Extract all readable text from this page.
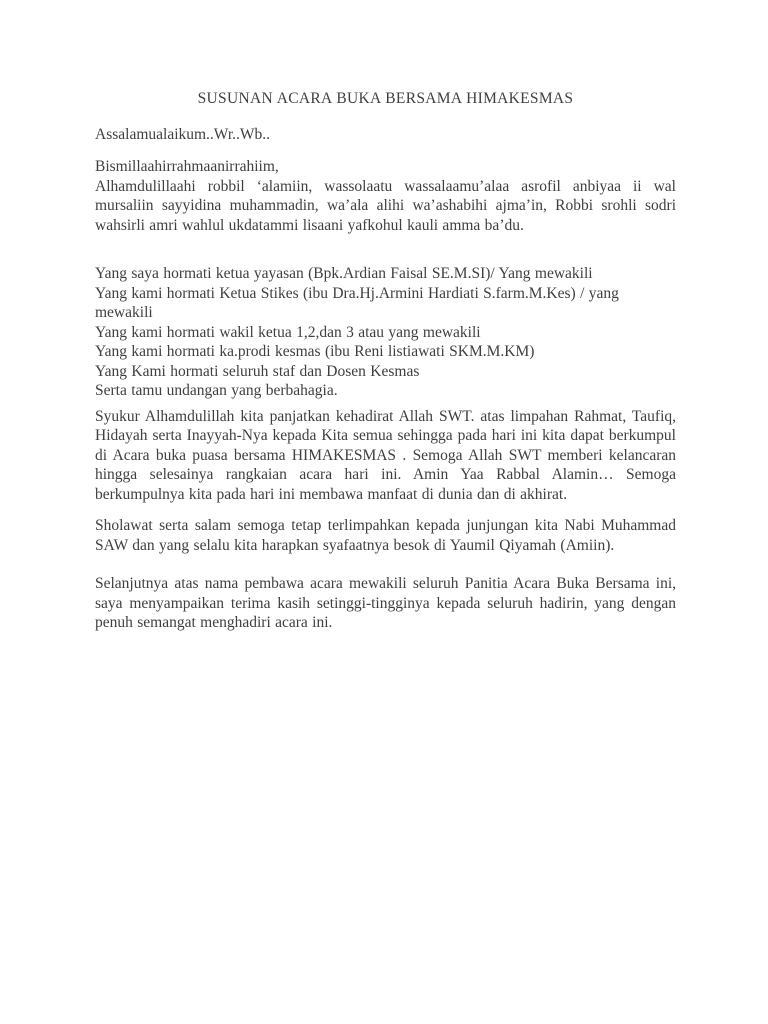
SUSUNAN ACARA BUKA BERSAMA HIMAKESMAS
Assalamualaikum..Wr..Wb..
Bismillaahirrahmaanirrahiim,
Alhamdulillaahi robbil ‘alamiin, wassolaatu wassalaamu’alaa asrofil anbiyaa ii wal mursaliin sayyidina muhammadin, wa’ala alihi wa’ashabihi ajma’in, Robbi srohli sodri wahsirli amri wahlul ukdatammi lisaani yafkohul kauli amma ba’du.
Yang saya hormati ketua yayasan (Bpk.Ardian Faisal SE.M.SI)/ Yang mewakili
Yang kami hormati Ketua Stikes (ibu Dra.Hj.Armini Hardiati S.farm.M.Kes) / yang mewakili
Yang kami hormati wakil ketua 1,2,dan 3 atau yang mewakili
Yang kami hormati ka.prodi kesmas (ibu Reni listiawati SKM.M.KM)
Yang Kami hormati seluruh staf dan Dosen Kesmas
Serta tamu undangan yang berbahagia.

Syukur Alhamdulillah kita panjatkan kehadirat Allah SWT. atas limpahan Rahmat, Taufiq, Hidayah serta Inayyah-Nya kepada Kita semua sehingga pada hari ini kita dapat berkumpul di Acara buka puasa bersama HIMAKESMAS . Semoga Allah SWT memberi kelancaran hingga selesainya rangkaian acara hari ini. Amin Yaa Rabbal Alamin… Semoga berkumpulnya kita pada hari ini membawa manfaat di dunia dan di akhirat.

Sholawat serta salam semoga tetap terlimpahkan kepada junjungan kita Nabi Muhammad SAW dan yang selalu kita harapkan syafaatnya besok di Yaumil Qiyamah (Amiin).

Selanjutnya atas nama pembawa acara mewakili seluruh Panitia Acara Buka Bersama ini, saya menyampaikan terima kasih setinggi-tingginya kepada seluruh hadirin, yang dengan penuh semangat menghadiri acara ini.
